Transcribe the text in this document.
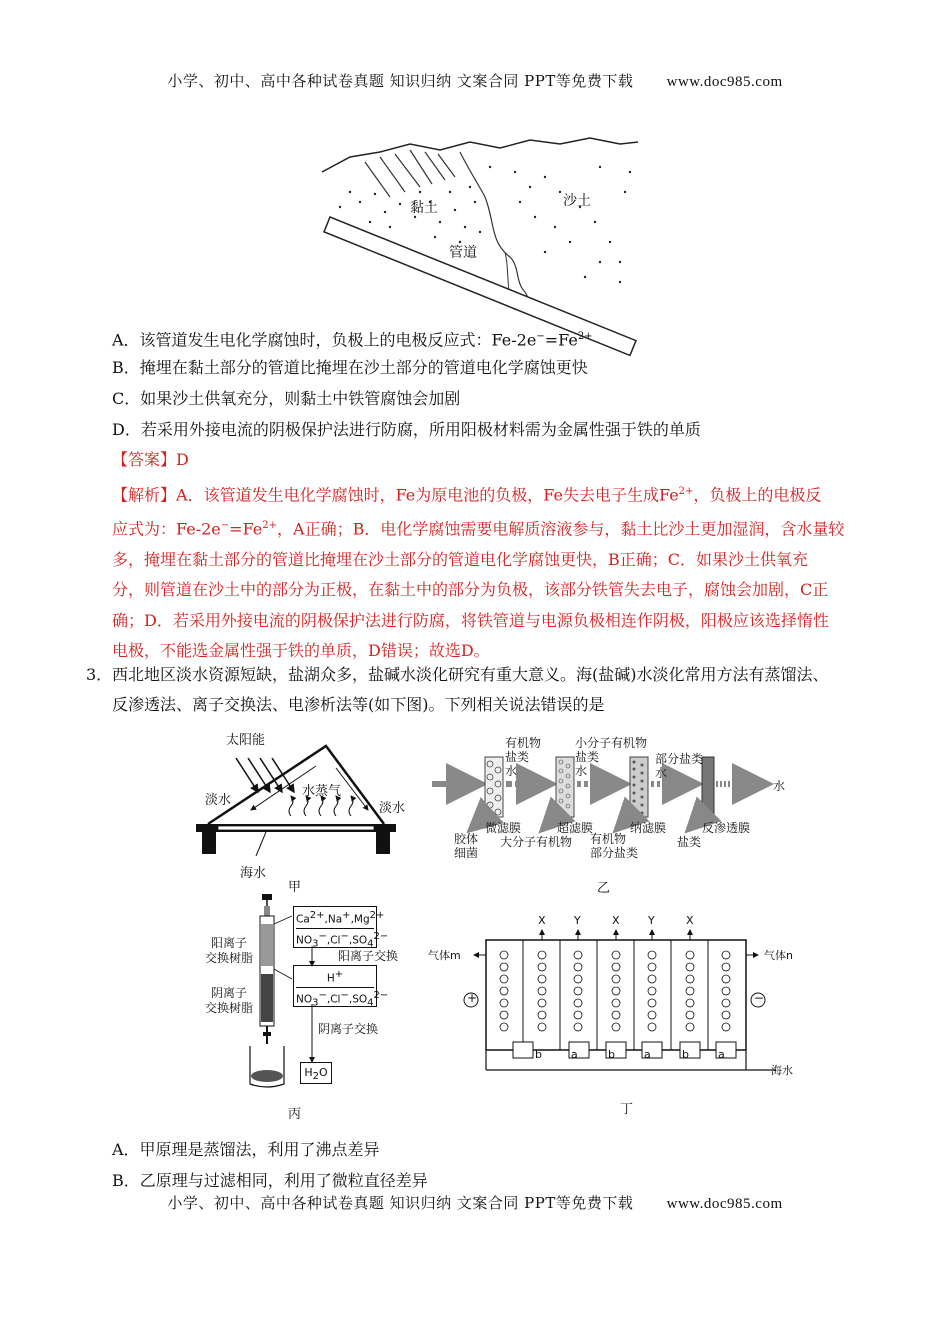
小学、初中、高中各种试卷真题 知识归纳 文案合同 PPT等免费下载 www.doc985.com
黏土	沙土
管道
A．该管道发生电化学腐蚀时，负极上的电极反应式：$Fe-2e^-=Fe^{2+}$
B．掩埋在黏土部分的管道比掩埋在沙土部分的管道电化学腐蚀更快
C．如果沙土供氧充分，则黏土中铁管腐蚀会加剧
D．若采用外接电流的阴极保护法进行防腐，所用阳极材料需为金属性强于铁的单质
【答案】D
【解析】A．该管道发生电化学腐蚀时，Fe为原电池的负极，Fe失去电子生成$Fe^{2+}$，负极上的电极反
应式为：$Fe-2e^-=Fe^{2+}$，A正确；B．电化学腐蚀需要电解质溶液参与，黏土比沙土更加湿润，含水量较
多，掩埋在黏土部分的管道比掩埋在沙土部分的管道电化学腐蚀更快，B正确；C．如果沙土供氧充
分，则管道在沙土中的部分为正极，在黏土中的部分为负极，该部分铁管失去电子，腐蚀会加剧，C正
确；D．若采用外接电流的阴极保护法进行防腐，将铁管道与电源负极相连作阴极，阳极应该选择惰性
电极，不能选金属性强于铁的单质，D错误；故选D。
3．西北地区淡水资源短缺，盐湖众多，盐碱水淡化研究有重大意义。海(盐碱)水淡化常用方法有蒸馏法、
反渗透法、离子交换法、电渗析法等(如下图)。下列相关说法错误的是
太阳能
淡水
水蒸气
淡水
海水
甲
有机物
盐类
水
小分子有机物
盐类
水
部分盐类
水
水
微滤膜	超滤膜	纳滤膜	反渗透膜
胶体
细菌
大分子有机物 有机物
部分盐类
盐类
乙
$Ca^{2+},Na^+,Mg^{2+}$
$NO_3^-,Cl^-,SO_4^{2-}$
H+
$NO_3^-,Cl^-,SO_4^{2-}$
$H_2O$
阳离子
交换树脂
阴离子
交换树脂
阳离子交换
阴离子交换
丙
X	Y	X	Y	X
气体m	气体n
+	−
b	a	b	a	b	a
海水
丁
A．甲原理是蒸馏法，利用了沸点差异
B．乙原理与过滤相同，利用了微粒直径差异
小学、初中、高中各种试卷真题 知识归纳 文案合同 PPT等免费下载 www.doc985.com
